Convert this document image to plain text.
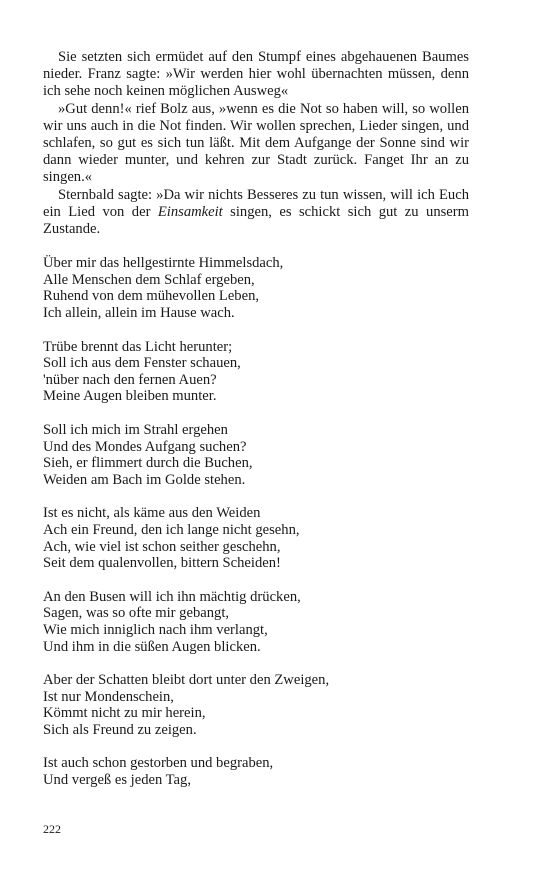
Sie setzten sich ermüdet auf den Stumpf eines abgehauenen Baumes nieder. Franz sagte: »Wir werden hier wohl übernachten müssen, denn ich sehe noch keinen möglichen Ausweg«

»Gut denn!« rief Bolz aus, »wenn es die Not so haben will, so wollen wir uns auch in die Not finden. Wir wollen sprechen, Lieder singen, und schlafen, so gut es sich tun läßt. Mit dem Aufgange der Sonne sind wir dann wieder munter, und kehren zur Stadt zurück. Fanget Ihr an zu singen.«

Sternbald sagte: »Da wir nichts Besseres zu tun wissen, will ich Euch ein Lied von der Einsamkeit singen, es schickt sich gut zu unserm Zustande.

Über mir das hellgestirnte Himmelsdach,
Alle Menschen dem Schlaf ergeben,
Ruhend von dem mühevollen Leben,
Ich allein, allein im Hause wach.
Trübe brennt das Licht herunter;
Soll ich aus dem Fenster schauen,
'nüber nach den fernen Auen?
Meine Augen bleiben munter.
Soll ich mich im Strahl ergehen
Und des Mondes Aufgang suchen?
Sieh, er flimmert durch die Buchen,
Weiden am Bach im Golde stehen.
Ist es nicht, als käme aus den Weiden
Ach ein Freund, den ich lange nicht gesehn,
Ach, wie viel ist schon seither geschehn,
Seit dem qualenvollen, bittern Scheiden!
An den Busen will ich ihn mächtig drücken,
Sagen, was so ofte mir gebangt,
Wie mich inniglich nach ihm verlangt,
Und ihm in die süßen Augen blicken.
Aber der Schatten bleibt dort unter den Zweigen,
Ist nur Mondenschein,
Kömmt nicht zu mir herein,
Sich als Freund zu zeigen.
Ist auch schon gestorben und begraben,
Und vergeß es jeden Tag,
222
